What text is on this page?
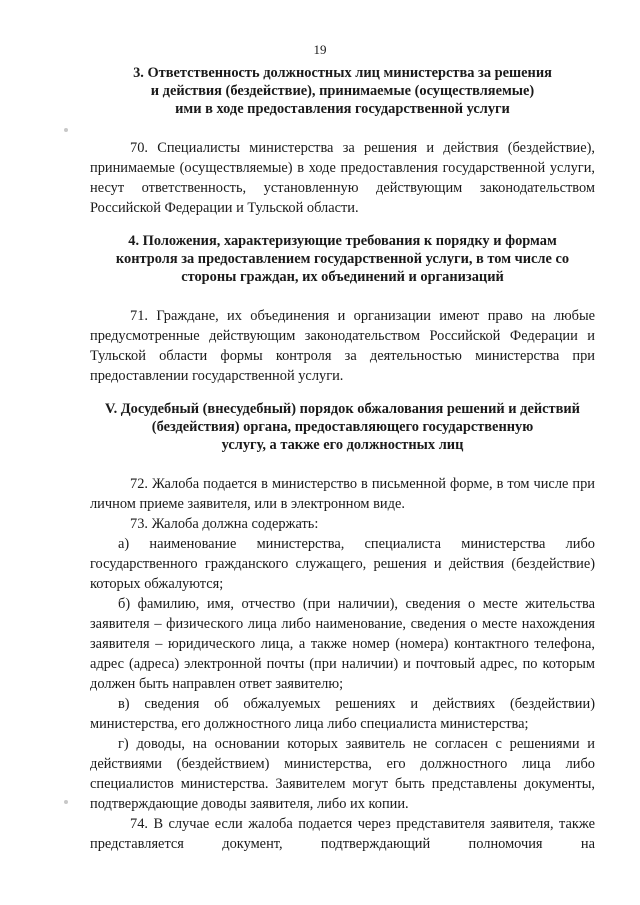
19
3. Ответственность должностных лиц министерства за решения
и действия (бездействие), принимаемые (осуществляемые)
ими в ходе предоставления государственной услуги

70. Специалисты министерства за решения и действия (бездействие), принимаемые (осуществляемые) в ходе предоставления государственной услуги, несут ответственность, установленную действующим законодательством Российской Федерации и Тульской области.

4. Положения, характеризующие требования к порядку и формам
контроля за предоставлением государственной услуги, в том числе со
стороны граждан, их объединений и организаций

71. Граждане, их объединения и организации имеют право на любые предусмотренные действующим законодательством Российской Федерации и Тульской области формы контроля за деятельностью министерства при предоставлении государственной услуги.

V. Досудебный (внесудебный) порядок обжалования решений и действий
(бездействия) органа, предоставляющего государственную
услугу, а также его должностных лиц

72. Жалоба подается в министерство в письменной форме, в том числе при личном приеме заявителя, или в электронном виде.

73. Жалоба должна содержать:

а) наименование министерства, специалиста министерства либо государственного гражданского служащего, решения и действия (бездействие) которых обжалуются;

б) фамилию, имя, отчество (при наличии), сведения о месте жительства заявителя – физического лица либо наименование, сведения о месте нахождения заявителя – юридического лица, а также номер (номера) контактного телефона, адрес (адреса) электронной почты (при наличии) и почтовый адрес, по которым должен быть направлен ответ заявителю;

в) сведения об обжалуемых решениях и действиях (бездействии) министерства, его должностного лица либо специалиста министерства;

г) доводы, на основании которых заявитель не согласен с решениями и действиями (бездействием) министерства, его должностного лица либо специалистов министерства. Заявителем могут быть представлены документы, подтверждающие доводы заявителя, либо их копии.

74. В случае если жалоба подается через представителя заявителя, также представляется документ, подтверждающий полномочия на
